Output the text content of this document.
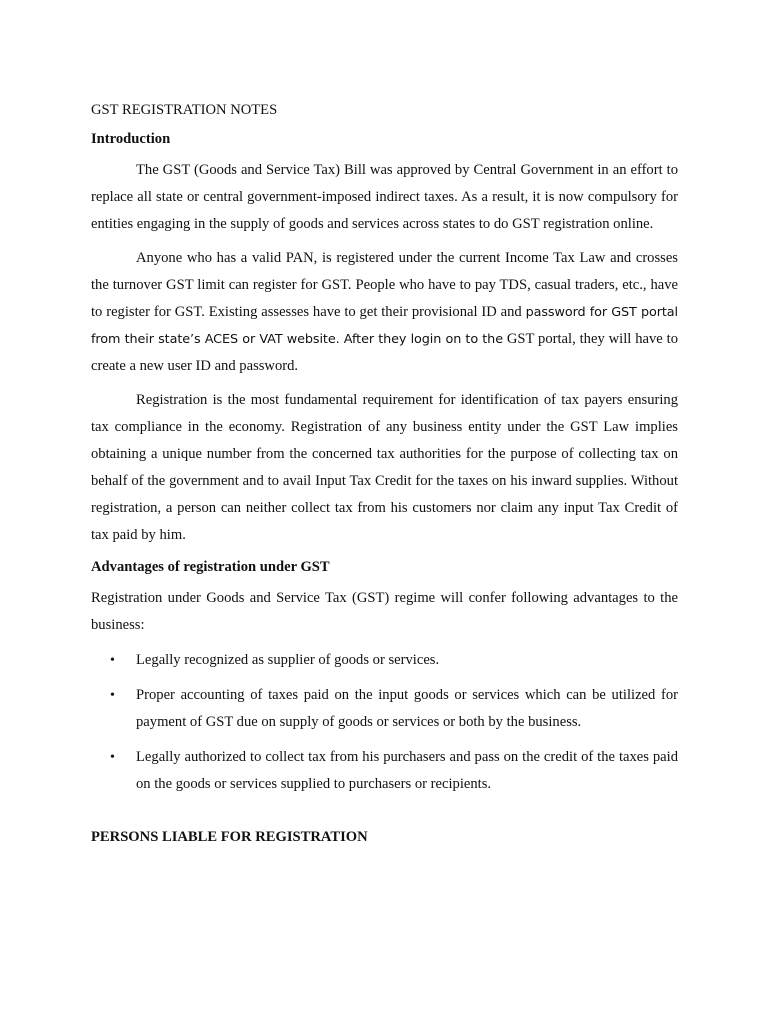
GST REGISTRATION NOTES
Introduction

The GST (Goods and Service Tax) Bill was approved by Central Government in an effort to replace all state or central government-imposed indirect taxes. As a result, it is now compulsory for entities engaging in the supply of goods and services across states to do GST registration online.

Anyone who has a valid PAN, is registered under the current Income Tax Law and crosses the turnover GST limit can register for GST. People who have to pay TDS, casual traders, etc., have to register for GST. Existing assesses have to get their provisional ID and password for GST portal from their state’s ACES or VAT website. After they login on to the GST portal, they will have to create a new user ID and password.

Registration is the most fundamental requirement for identification of tax payers ensuring tax compliance in the economy. Registration of any business entity under the GST Law implies obtaining a unique number from the concerned tax authorities for the purpose of collecting tax on behalf of the government and to avail Input Tax Credit for the taxes on his inward supplies. Without registration, a person can neither collect tax from his customers nor claim any input Tax Credit of tax paid by him.

Advantages of registration under GST

Registration under Goods and Service Tax (GST) regime will confer following advantages to the business:

• Legally recognized as supplier of goods or services.
• Proper accounting of taxes paid on the input goods or services which can be utilized for payment of GST due on supply of goods or services or both by the business.
• Legally authorized to collect tax from his purchasers and pass on the credit of the taxes paid on the goods or services supplied to purchasers or recipients.
PERSONS LIABLE FOR REGISTRATION
